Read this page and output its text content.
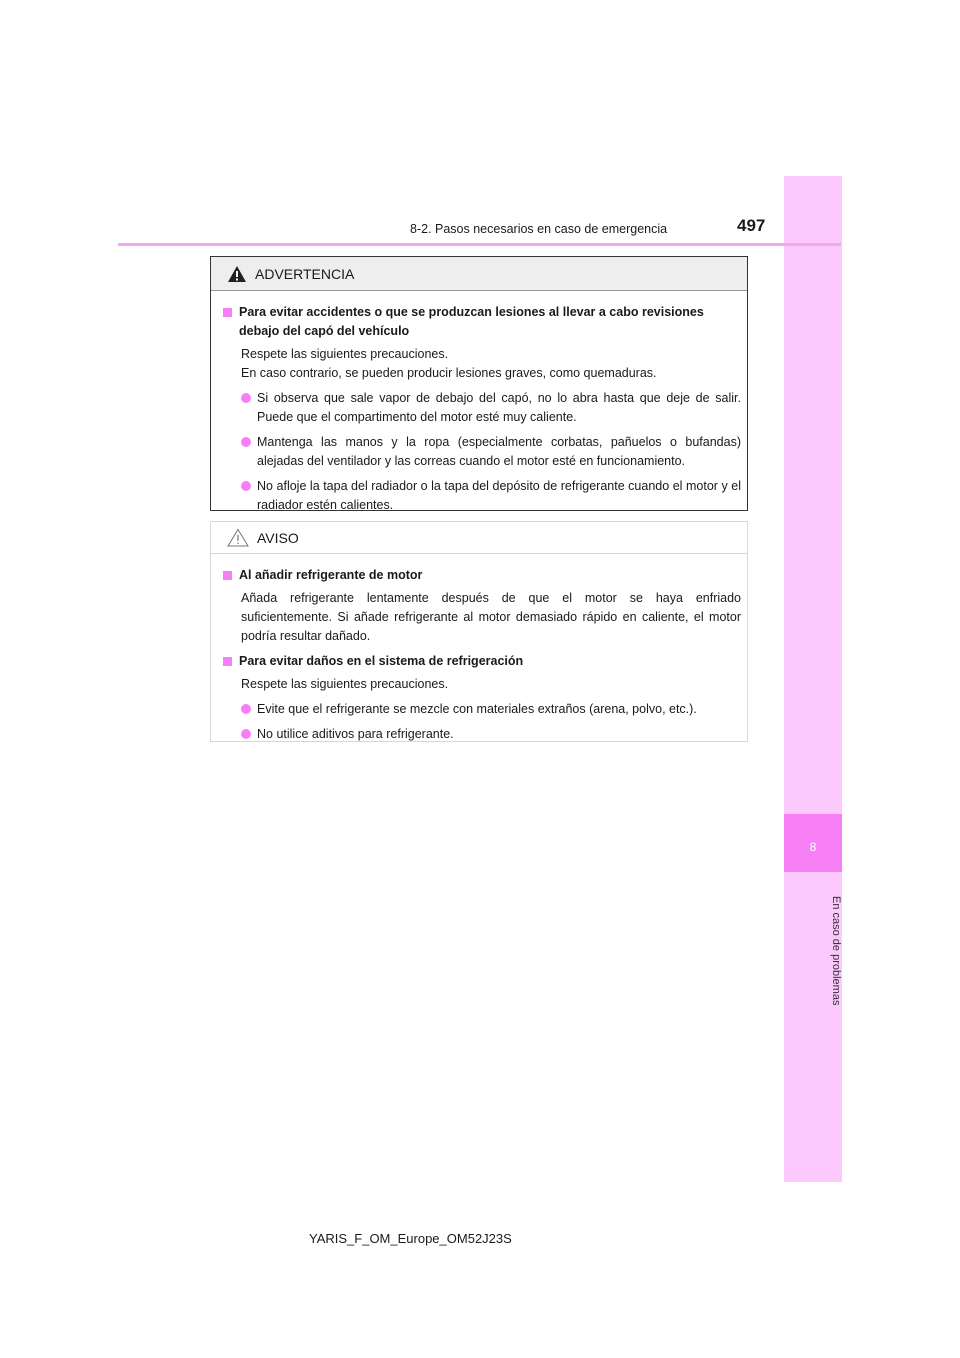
8
En caso de problemas
8-2. Pasos necesarios en caso de emergencia	497
ADVERTENCIA
Para evitar accidentes o que se produzcan lesiones al llevar a cabo revisiones debajo del capó del vehículo
Respete las siguientes precauciones.
En caso contrario, se pueden producir lesiones graves, como quemaduras.
Si observa que sale vapor de debajo del capó, no lo abra hasta que deje de salir. Puede que el compartimento del motor esté muy caliente.
Mantenga las manos y la ropa (especialmente corbatas, pañuelos o bufandas) alejadas del ventilador y las correas cuando el motor esté en funcionamiento.
No afloje la tapa del radiador o la tapa del depósito de refrigerante cuando el motor y el radiador estén calientes.
AVISO
Al añadir refrigerante de motor
Añada refrigerante lentamente después de que el motor se haya enfriado suficientemente. Si añade refrigerante al motor demasiado rápido en caliente, el motor podría resultar dañado.
Para evitar daños en el sistema de refrigeración
Respete las siguientes precauciones.
Evite que el refrigerante se mezcle con materiales extraños (arena, polvo, etc.).
No utilice aditivos para refrigerante.
YARIS_F_OM_Europe_OM52J23S
